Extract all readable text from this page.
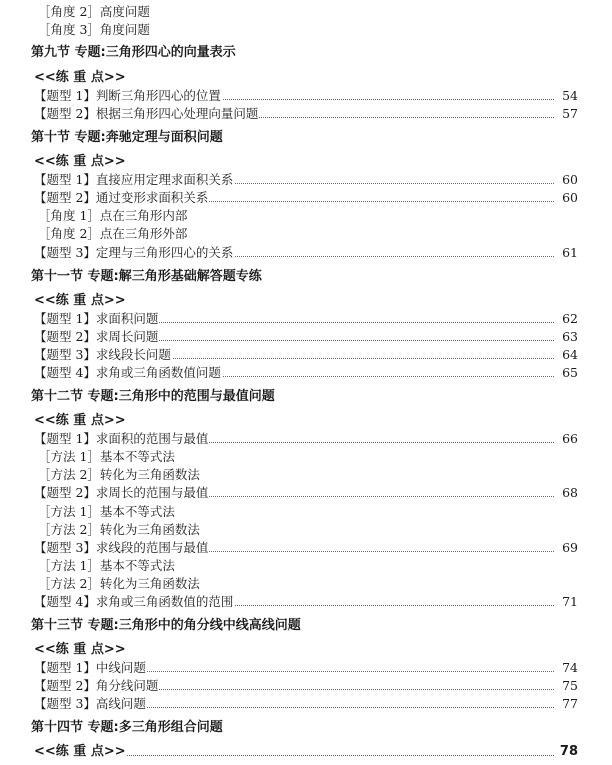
［角度 2］高度问题
［角度 3］角度问题
第九节 专题:三角形四心的向量表示
<<练 重 点>>
【题型 1】判断三角形四心的位置	54
【题型 2】根据三角形四心处理向量问题	57
第十节 专题:奔驰定理与面积问题
<<练 重 点>>
【题型 1】直接应用定理求面积关系	60
【题型 2】通过变形求面积关系	60
［角度 1］点在三角形内部
［角度 2］点在三角形外部
【题型 3】定理与三角形四心的关系	61
第十一节 专题:解三角形基础解答题专练
<<练 重 点>>
【题型 1】求面积问题	62
【题型 2】求周长问题	63
【题型 3】求线段长问题	64
【题型 4】求角或三角函数值问题	65
第十二节 专题:三角形中的范围与最值问题
<<练 重 点>>
【题型 1】求面积的范围与最值	66
［方法 1］基本不等式法
［方法 2］转化为三角函数法
【题型 2】求周长的范围与最值	68
［方法 1］基本不等式法
［方法 2］转化为三角函数法
【题型 3】求线段的范围与最值	69
［方法 1］基本不等式法
［方法 2］转化为三角函数法
【题型 4】求角或三角函数值的范围	71
第十三节 专题:三角形中的角分线中线高线问题
<<练 重 点>>
【题型 1】中线问题	74
【题型 2】角分线问题	75
【题型 3】高线问题	77
第十四节 专题:多三角形组合问题
<<练 重 点>>	78
